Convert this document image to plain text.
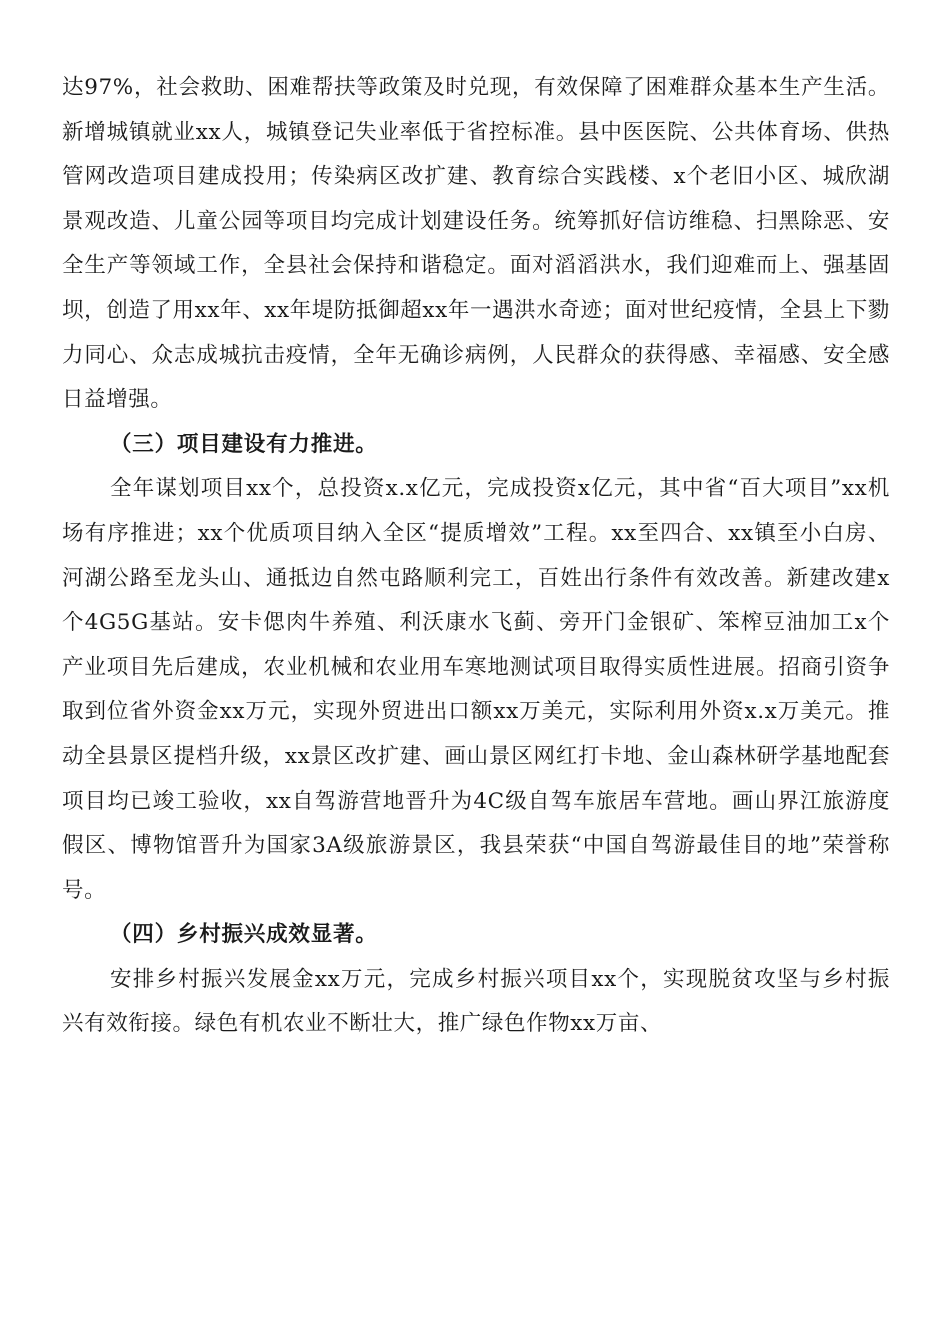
达97%，社会救助、困难帮扶等政策及时兑现，有效保障了困难群众基本生产生活。新增城镇就业xx人，城镇登记失业率低于省控标准。县中医医院、公共体育场、供热管网改造项目建成投用；传染病区改扩建、教育综合实践楼、x个老旧小区、城欣湖景观改造、儿童公园等项目均完成计划建设任务。统筹抓好信访维稳、扫黑除恶、安全生产等领域工作，全县社会保持和谐稳定。面对滔滔洪水，我们迎难而上、强基固坝，创造了用xx年、xx年堤防抵御超xx年一遇洪水奇迹；面对世纪疫情，全县上下勠力同心、众志成城抗击疫情，全年无确诊病例，人民群众的获得感、幸福感、安全感日益增强。

（三）项目建设有力推进。

全年谋划项目xx个，总投资x.x亿元，完成投资x亿元，其中省“百大项目”xx机场有序推进；xx个优质项目纳入全区“提质增效”工程。xx至四合、xx镇至小白房、河湖公路至龙头山、通抵边自然屯路顺利完工，百姓出行条件有效改善。新建改建x个4G5G基站。安卡偲肉牛养殖、利沃康水飞蓟、旁开门金银矿、笨榨豆油加工x个产业项目先后建成，农业机械和农业用车寒地测试项目取得实质性进展。招商引资争取到位省外资金xx万元，实现外贸进出口额xx万美元，实际利用外资x.x万美元。推动全县景区提档升级，xx景区改扩建、画山景区网红打卡地、金山森林研学基地配套项目均已竣工验收，xx自驾游营地晋升为4C级自驾车旅居车营地。画山界江旅游度假区、博物馆晋升为国家3A级旅游景区，我县荣获“中国自驾游最佳目的地”荣誉称号。

（四）乡村振兴成效显著。

安排乡村振兴发展金xx万元，完成乡村振兴项目xx个，实现脱贫攻坚与乡村振兴有效衔接。绿色有机农业不断壮大，推广绿色作物xx万亩、
